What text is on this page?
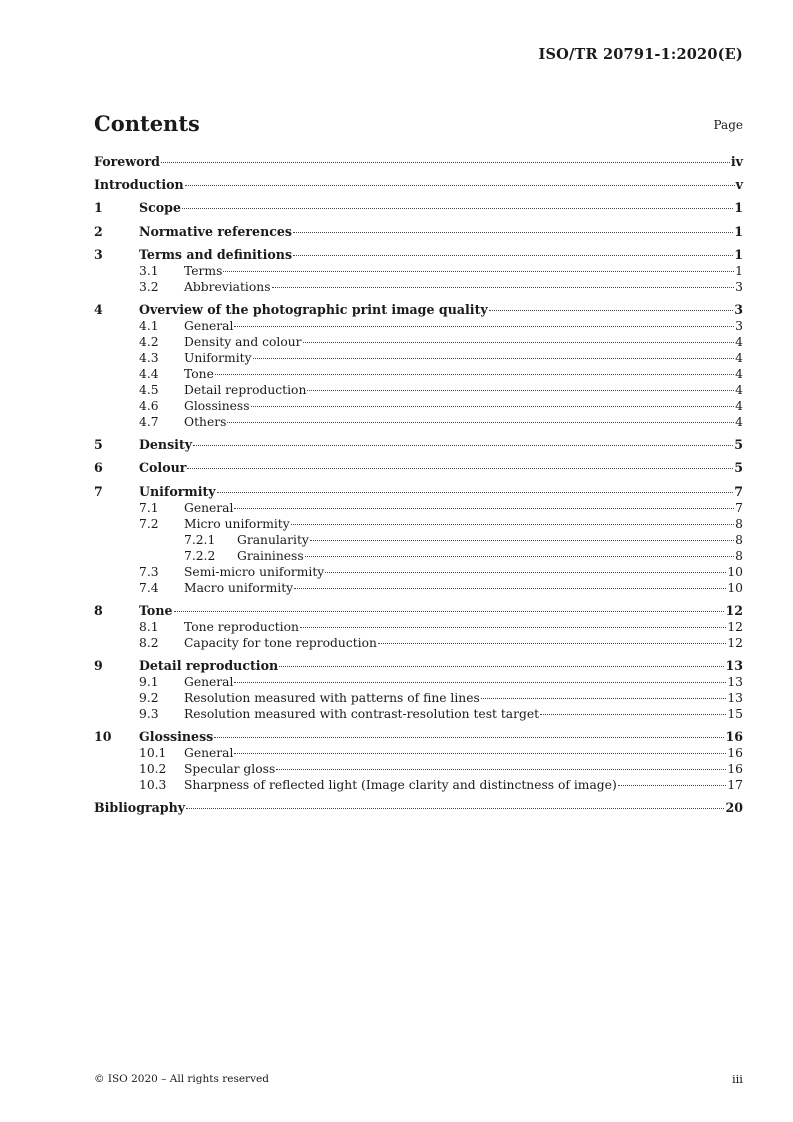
ISO/TR 20791-1:2020(E)
Contents	Page
Foreword	iv
Introduction	v
1	Scope	1
2	Normative references	1
3	Terms and definitions	1
3.1 Terms	1
3.2 Abbreviations	3
4	Overview of the photographic print image quality	3
4.1 General	3
4.2 Density and colour	4
4.3 Uniformity	4
4.4 Tone	4
4.5 Detail reproduction	4
4.6 Glossiness	4
4.7 Others	4
5	Density	5
6	Colour	5
7	Uniformity	7
7.1 General	7
7.2 Micro uniformity	8
7.2.1 Granularity	8
7.2.2 Graininess	8
7.3 Semi-micro uniformity	10
7.4 Macro uniformity	10
8	Tone	12
8.1 Tone reproduction	12
8.2 Capacity for tone reproduction	12
9	Detail reproduction	13
9.1 General	13
9.2 Resolution measured with patterns of fine lines	13
9.3 Resolution measured with contrast-resolution test target	15
10 Glossiness	16
10.1 General	16
10.2 Specular gloss	16
10.3 Sharpness of reflected light (Image clarity and distinctness of image)	17
Bibliography	20
© ISO 2020 – All rights reserved	iii
